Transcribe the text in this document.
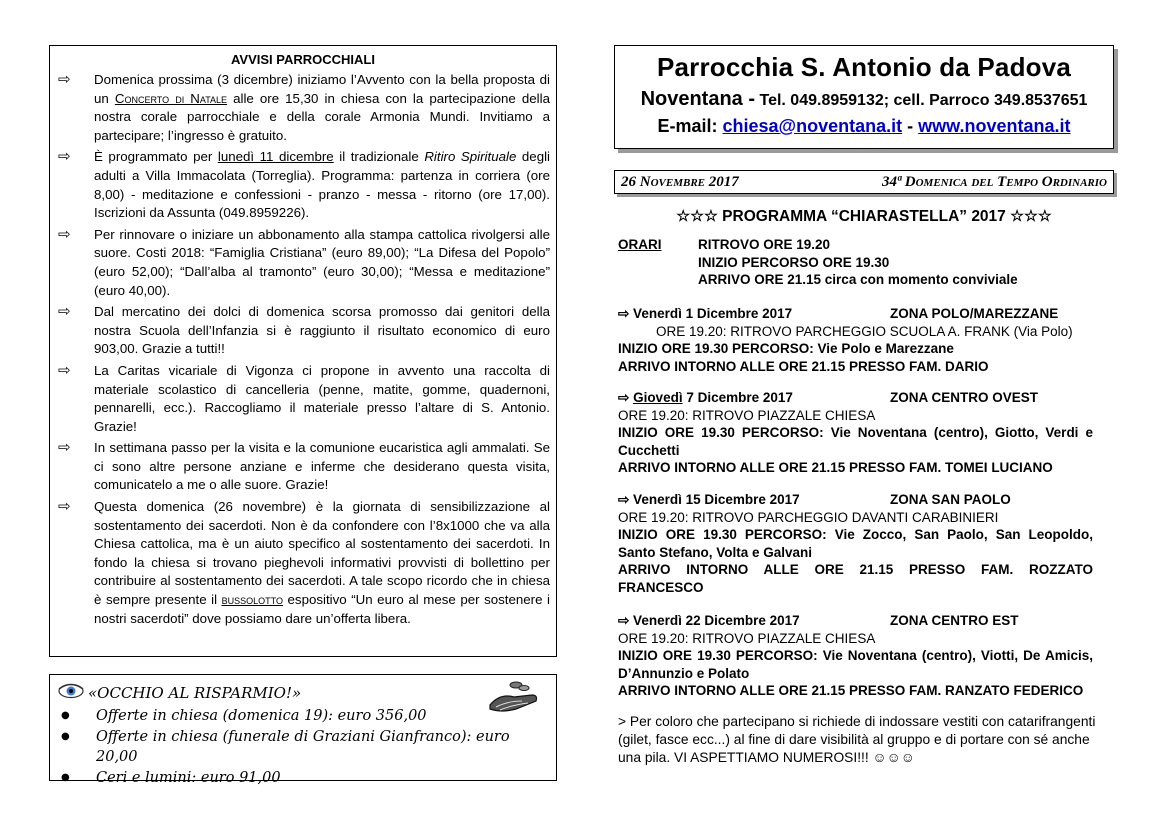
AVVISI PARROCCHIALI
⇨	Domenica prossima (3 dicembre) iniziamo l’Avvento con la bella proposta di un Concerto di Natale alle ore 15,30 in chiesa con la partecipazione della nostra corale parrocchiale e della corale Armonia Mundi. Invitiamo a partecipare; l’ingresso è gratuito.
⇨	È programmato per lunedì 11 dicembre il tradizionale Ritiro Spirituale degli adulti a Villa Immacolata (Torreglia). Programma: partenza in corriera (ore 8,00) - meditazione e confessioni - pranzo - messa - ritorno (ore 17,00). Iscrizioni da Assunta (049.8959226).
⇨	Per rinnovare o iniziare un abbonamento alla stampa cattolica rivolgersi alle suore. Costi 2018: “Famiglia Cristiana” (euro 89,00); “La Difesa del Popolo” (euro 52,00); “Dall’alba al tramonto” (euro 30,00); “Messa e meditazione” (euro 40,00).
⇨	Dal mercatino dei dolci di domenica scorsa promosso dai genitori della nostra Scuola dell’Infanzia si è raggiunto il risultato economico di euro 903,00. Grazie a tutti!!
⇨	La Caritas vicariale di Vigonza ci propone in avvento una raccolta di materiale scolastico di cancelleria (penne, matite, gomme, quadernoni, pennarelli, ecc.). Raccogliamo il materiale presso l’altare di S. Antonio. Grazie!
⇨	In settimana passo per la visita e la comunione eucaristica agli ammalati. Se ci sono altre persone anziane e inferme che desiderano questa visita, comunicatelo a me o alle suore. Grazie!
⇨	Questa domenica (26 novembre) è la giornata di sensibilizzazione al sostentamento dei sacerdoti. Non è da confondere con l’8x1000 che va alla Chiesa cattolica, ma è un aiuto specifico al sostentamento dei sacerdoti. In fondo la chiesa si trovano pieghevoli informativi provvisti di bollettino per contribuire al sostentamento dei sacerdoti. A tale scopo ricordo che in chiesa è sempre presente il bussolotto espositivo “Un euro al mese per sostenere i nostri sacerdoti” dove possiamo dare un’offerta libera.
«OCCHIO AL RISPARMIO!»
●	Offerte in chiesa (domenica 19): euro 356,00
●	Offerte in chiesa (funerale di Graziani Gianfranco): euro 20,00
●	Ceri e lumini: euro 91,00
Parrocchia S. Antonio da Padova
Noventana - Tel. 049.8959132; cell. Parroco 349.8537651
E-mail: chiesa@noventana.it - www.noventana.it
26 Novembre 2017	34ª Domenica del Tempo Ordinario
☆☆☆ PROGRAMMA “CHIARASTELLA” 2017 ☆☆☆
ORARI	RITROVO ORE 19.20
INIZIO PERCORSO ORE 19.30
ARRIVO ORE 21.15 circa con momento conviviale
⇨ Venerdì 1 Dicembre 2017	ZONA POLO/MAREZZANE
ORE 19.20: RITROVO PARCHEGGIO SCUOLA A. FRANK (Via Polo)
INIZIO ORE 19.30 PERCORSO: Vie Polo e Marezzane
ARRIVO INTORNO ALLE ORE 21.15 PRESSO FAM. DARIO
⇨ Giovedì 7 Dicembre 2017	ZONA CENTRO OVEST
ORE 19.20: RITROVO PIAZZALE CHIESA
INIZIO ORE 19.30 PERCORSO: Vie Noventana (centro), Giotto, Verdi e Cucchetti
ARRIVO INTORNO ALLE ORE 21.15 PRESSO FAM. TOMEI LUCIANO
⇨ Venerdì 15 Dicembre 2017	ZONA SAN PAOLO
ORE 19.20: RITROVO PARCHEGGIO DAVANTI CARABINIERI
INIZIO ORE 19.30 PERCORSO: Vie Zocco, San Paolo, San Leopoldo, Santo Stefano, Volta e Galvani
ARRIVO INTORNO ALLE ORE 21.15 PRESSO FAM. ROZZATO FRANCESCO
⇨ Venerdì 22 Dicembre 2017	ZONA CENTRO EST
ORE 19.20: RITROVO PIAZZALE CHIESA
INIZIO ORE 19.30 PERCORSO: Vie Noventana (centro), Viotti, De Amicis, D’Annunzio e Polato
ARRIVO INTORNO ALLE ORE 21.15 PRESSO FAM. RANZATO FEDERICO
> Per coloro che partecipano si richiede di indossare vestiti con catarifrangenti (gilet, fasce ecc...) al fine di dare visibilità al gruppo e di portare con sé anche una pila. VI ASPETTIAMO NUMEROSI!!! ☺☺☺
